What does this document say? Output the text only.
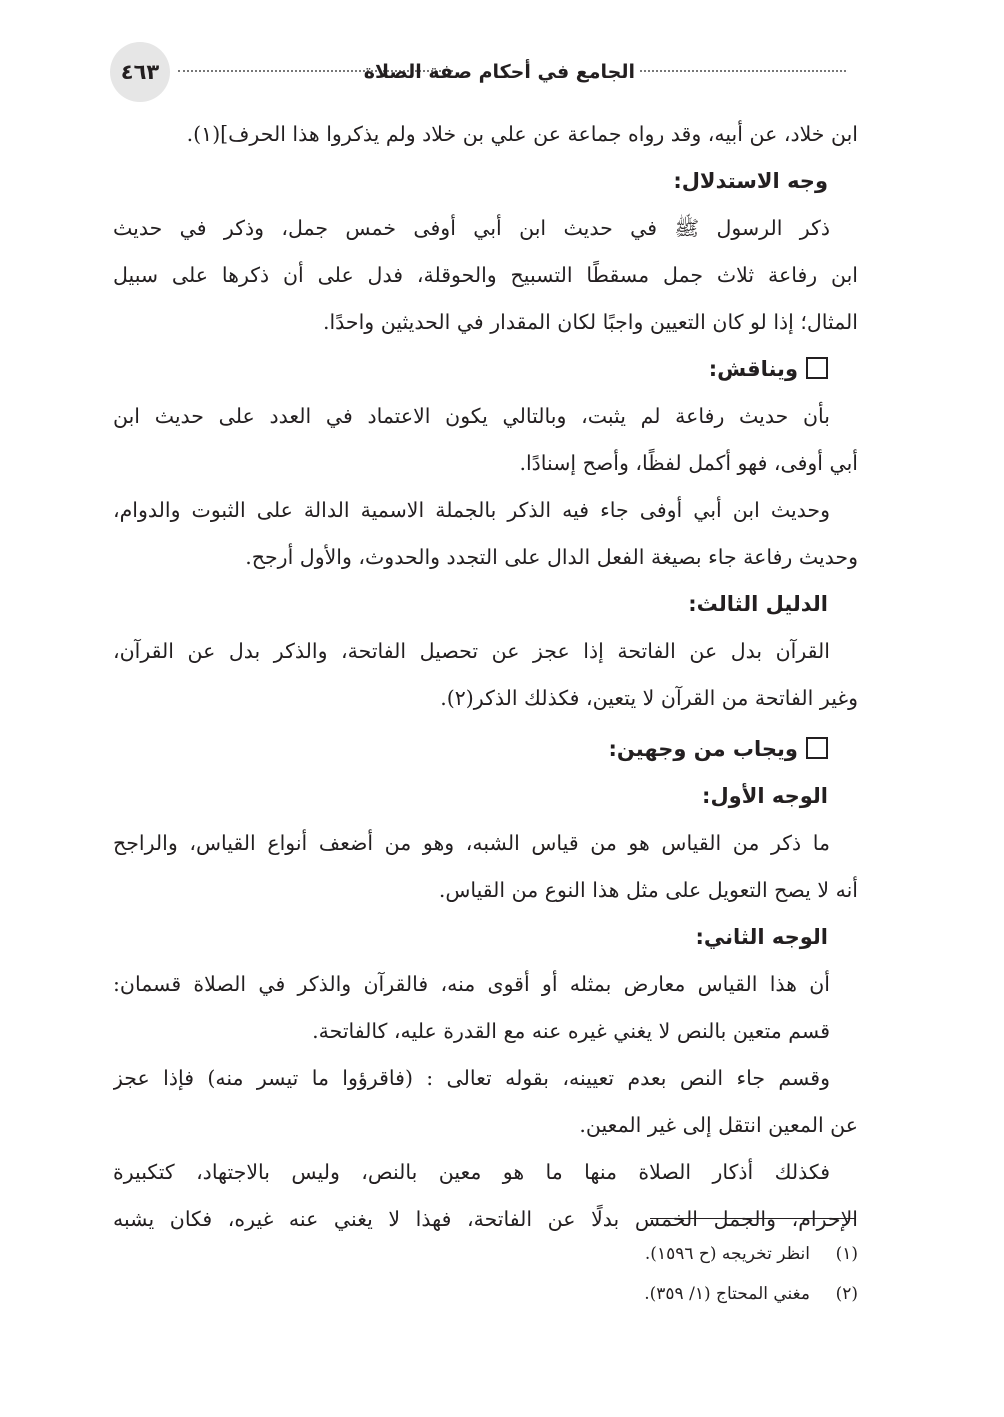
٤٦٣	الجامع في أحكام صفة الصلاة
ابن خلاد، عن أبيه، وقد رواه جماعة عن علي بن خلاد ولم يذكروا هذا الحرف](١).
وجه الاستدلال:
ذكر الرسول ﷺ في حديث ابن أبي أوفى خمس جمل، وذكر في حديث
ابن رفاعة ثلاث جمل مسقطًا التسبيح والحوقلة، فدل على أن ذكرها على سبيل
المثال؛ إذا لو كان التعيين واجبًا لكان المقدار في الحديثين واحدًا.
ويناقش:
بأن حديث رفاعة لم يثبت، وبالتالي يكون الاعتماد في العدد على حديث ابن
أبي أوفى، فهو أكمل لفظًا، وأصح إسنادًا.
وحديث ابن أبي أوفى جاء فيه الذكر بالجملة الاسمية الدالة على الثبوت والدوام،
وحديث رفاعة جاء بصيغة الفعل الدال على التجدد والحدوث، والأول أرجح.
الدليل الثالث:
القرآن بدل عن الفاتحة إذا عجز عن تحصيل الفاتحة، والذكر بدل عن القرآن،
وغير الفاتحة من القرآن لا يتعين، فكذلك الذكر(٢).
ويجاب من وجهين:
الوجه الأول:
ما ذكر من القياس هو من قياس الشبه، وهو من أضعف أنواع القياس، والراجح
أنه لا يصح التعويل على مثل هذا النوع من القياس.
الوجه الثاني:
أن هذا القياس معارض بمثله أو أقوى منه، فالقرآن والذكر في الصلاة قسمان:
قسم متعين بالنص لا يغني غيره عنه مع القدرة عليه، كالفاتحة.
وقسم جاء النص بعدم تعيينه، بقوله تعالى : (فاقرؤوا ما تيسر منه) فإذا عجز
عن المعين انتقل إلى غير المعين.
فكذلك أذكار الصلاة منها ما هو معين بالنص، وليس بالاجتهاد، كتكبيرة
الإحرام، والجمل الخمس بدلًا عن الفاتحة، فهذا لا يغني عنه غيره، فكان يشبه
(١)انظر تخريجه (ح ١٥٩٦).
(٢)مغني المحتاج (١/ ٣٥٩).
